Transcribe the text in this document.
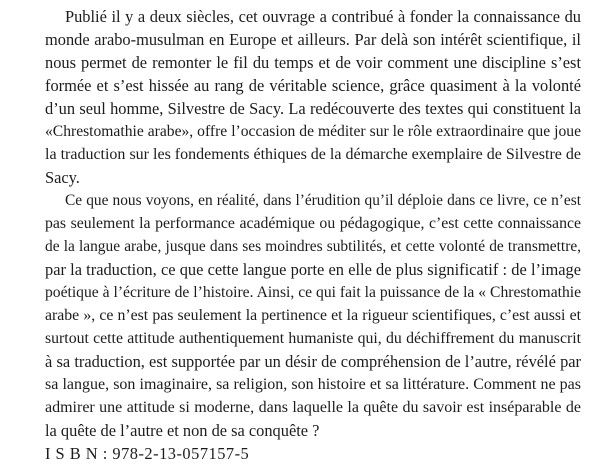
Publié il y a deux siècles, cet ouvrage a contribué à fonder la connaissance du
monde arabo-musulman en Europe et ailleurs. Par delà son intérêt scientifique, il
nous permet de remonter le fil du temps et de voir comment une discipline s’est
formée et s’est hissée au rang de véritable science, grâce quasiment à la volonté
d’un seul homme, Silvestre de Sacy. La redécouverte des textes qui constituent la
«Chrestomathie arabe», offre l’occasion de méditer sur le rôle extraordinaire que joue
la traduction sur les fondements éthiques de la démarche exemplaire de Silvestre de
Sacy.
Ce que nous voyons, en réalité, dans l’érudition qu’il déploie dans ce livre, ce n’est
pas seulement la performance académique ou pédagogique, c’est cette connaissance
de la langue arabe, jusque dans ses moindres subtilités, et cette volonté de transmettre,
par la traduction, ce que cette langue porte en elle de plus significatif : de l’image
poétique à l’écriture de l’histoire. Ainsi, ce qui fait la puissance de la « Chrestomathie
arabe », ce n’est pas seulement la pertinence et la rigueur scientifiques, c’est aussi et
surtout cette attitude authentiquement humaniste qui, du déchiffrement du manuscrit
à sa traduction, est supportée par un désir de compréhension de l’autre, révélé par
sa langue, son imaginaire, sa religion, son histoire et sa littérature. Comment ne pas
admirer une attitude si moderne, dans laquelle la quête du savoir est inséparable de
la quête de l’autre et non de sa conquête ?
I S B N : 978-2-13-057157-5
